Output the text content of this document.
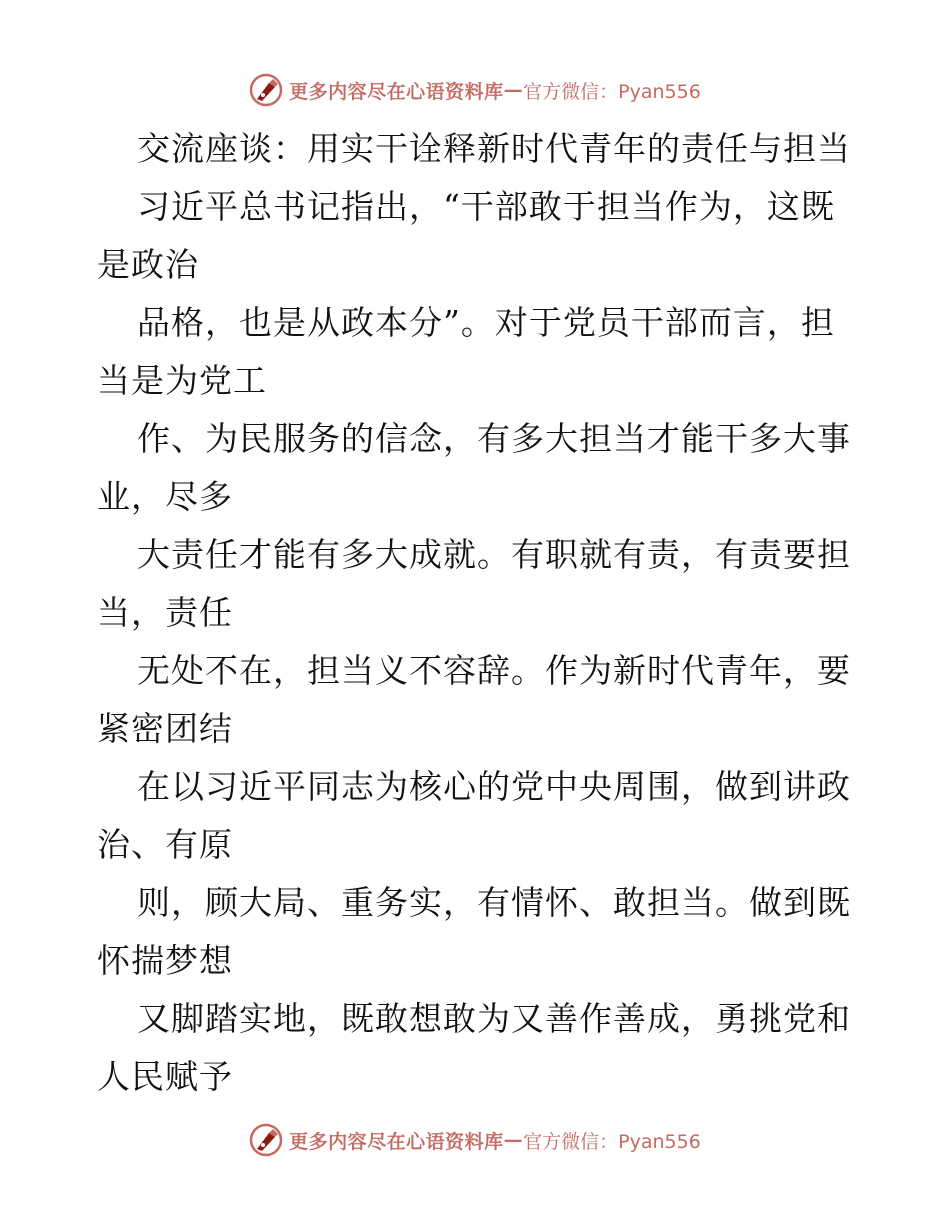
更多内容尽在心语资料库 — 官方微信：Pyan556
交流座谈：用实干诠释新时代青年的责任与担当
习近平总书记指出，“干部敢于担当作为，这既
是政治
品格，也是从政本分”。对于党员干部而言，担
当是为党工
作、为民服务的信念，有多大担当才能干多大事
业，尽多
大责任才能有多大成就。有职就有责，有责要担
当，责任
无处不在，担当义不容辞。作为新时代青年，要
紧密团结
在以习近平同志为核心的党中央周围，做到讲政
治、有原
则，顾大局、重务实，有情怀、敢担当。做到既
怀揣梦想
又脚踏实地，既敢想敢为又善作善成，勇挑党和
人民赋予
更多内容尽在心语资料库 — 官方微信：Pyan556
